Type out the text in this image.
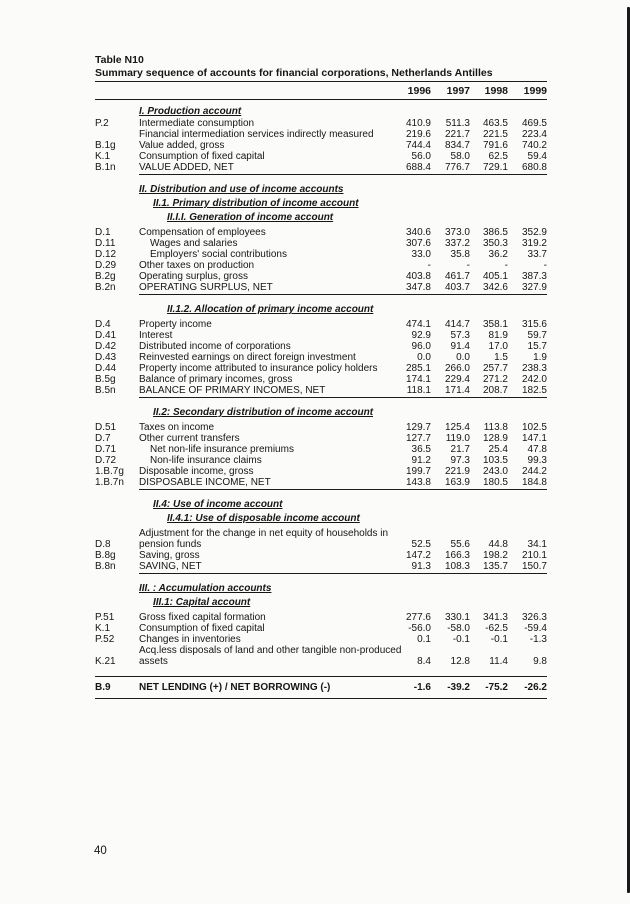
Table N10
Summary sequence of accounts for financial corporations, Netherlands Antilles
1996	1997	1998	1999
I. Production account
P.2	Intermediate consumption	410.9	511.3	463.5	469.5
Financial intermediation services indirectly measured	219.6	221.7	221.5	223.4
B.1g	Value added, gross	744.4	834.7	791.6	740.2
K.1	Consumption of fixed capital	56.0	58.0	62.5	59.4
B.1n	VALUE ADDED, NET	688.4	776.7	729.1	680.8
II. Distribution and use of income accounts
II.1. Primary distribution of income account
II.I.I. Generation of income account
D.1	Compensation of employees	340.6	373.0	386.5	352.9
D.11	Wages and salaries	307.6	337.2	350.3	319.2
D.12	Employers' social contributions	33.0	35.8	36.2	33.7
D.29	Other taxes on production	-	-	-	-
B.2g	Operating surplus, gross	403.8	461.7	405.1	387.3
B.2n	OPERATING SURPLUS, NET	347.8	403.7	342.6	327.9
II.1.2. Allocation of primary income account
D.4	Property income	474.1	414.7	358.1	315.6
D.41	Interest	92.9	57.3	81.9	59.7
D.42	Distributed income of corporations	96.0	91.4	17.0	15.7
D.43	Reinvested earnings on direct foreign investment	0.0	0.0	1.5	1.9
D.44	Property income attributed to insurance policy holders	285.1	266.0	257.7	238.3
B.5g	Balance of primary incomes, gross	174.1	229.4	271.2	242.0
B.5n	BALANCE OF PRIMARY INCOMES, NET	118.1	171.4	208.7	182.5
II.2: Secondary distribution of income account
D.51	Taxes on income	129.7	125.4	113.8	102.5
D.7	Other current transfers	127.7	119.0	128.9	147.1
D.71	Net non-life insurance premiums	36.5	21.7	25.4	47.8
D.72	Non-life insurance claims	91.2	97.3	103.5	99.3
1.B.7g	Disposable income, gross	199.7	221.9	243.0	244.2
1.B.7n	DISPOSABLE INCOME, NET	143.8	163.9	180.5	184.8
II.4: Use of income account
II.4.1: Use of disposable income account
Adjustment for the change in net equity of households in
D.8	pension funds	52.5	55.6	44.8	34.1
B.8g	Saving, gross	147.2	166.3	198.2	210.1
B.8n	SAVING, NET	91.3	108.3	135.7	150.7
III. : Accumulation accounts
III.1: Capital account
P.51	Gross fixed capital formation	277.6	330.1	341.3	326.3
K.1	Consumption of fixed capital	-56.0	-58.0	-62.5	-59.4
P.52	Changes in inventories	0.1	-0.1	-0.1	-1.3
Acq.less disposals of land and other tangible non-produced
K.21	assets	8.4	12.8	11.4	9.8
B.9	NET LENDING (+) / NET BORROWING (-)	-1.6	-39.2	-75.2	-26.2
40
